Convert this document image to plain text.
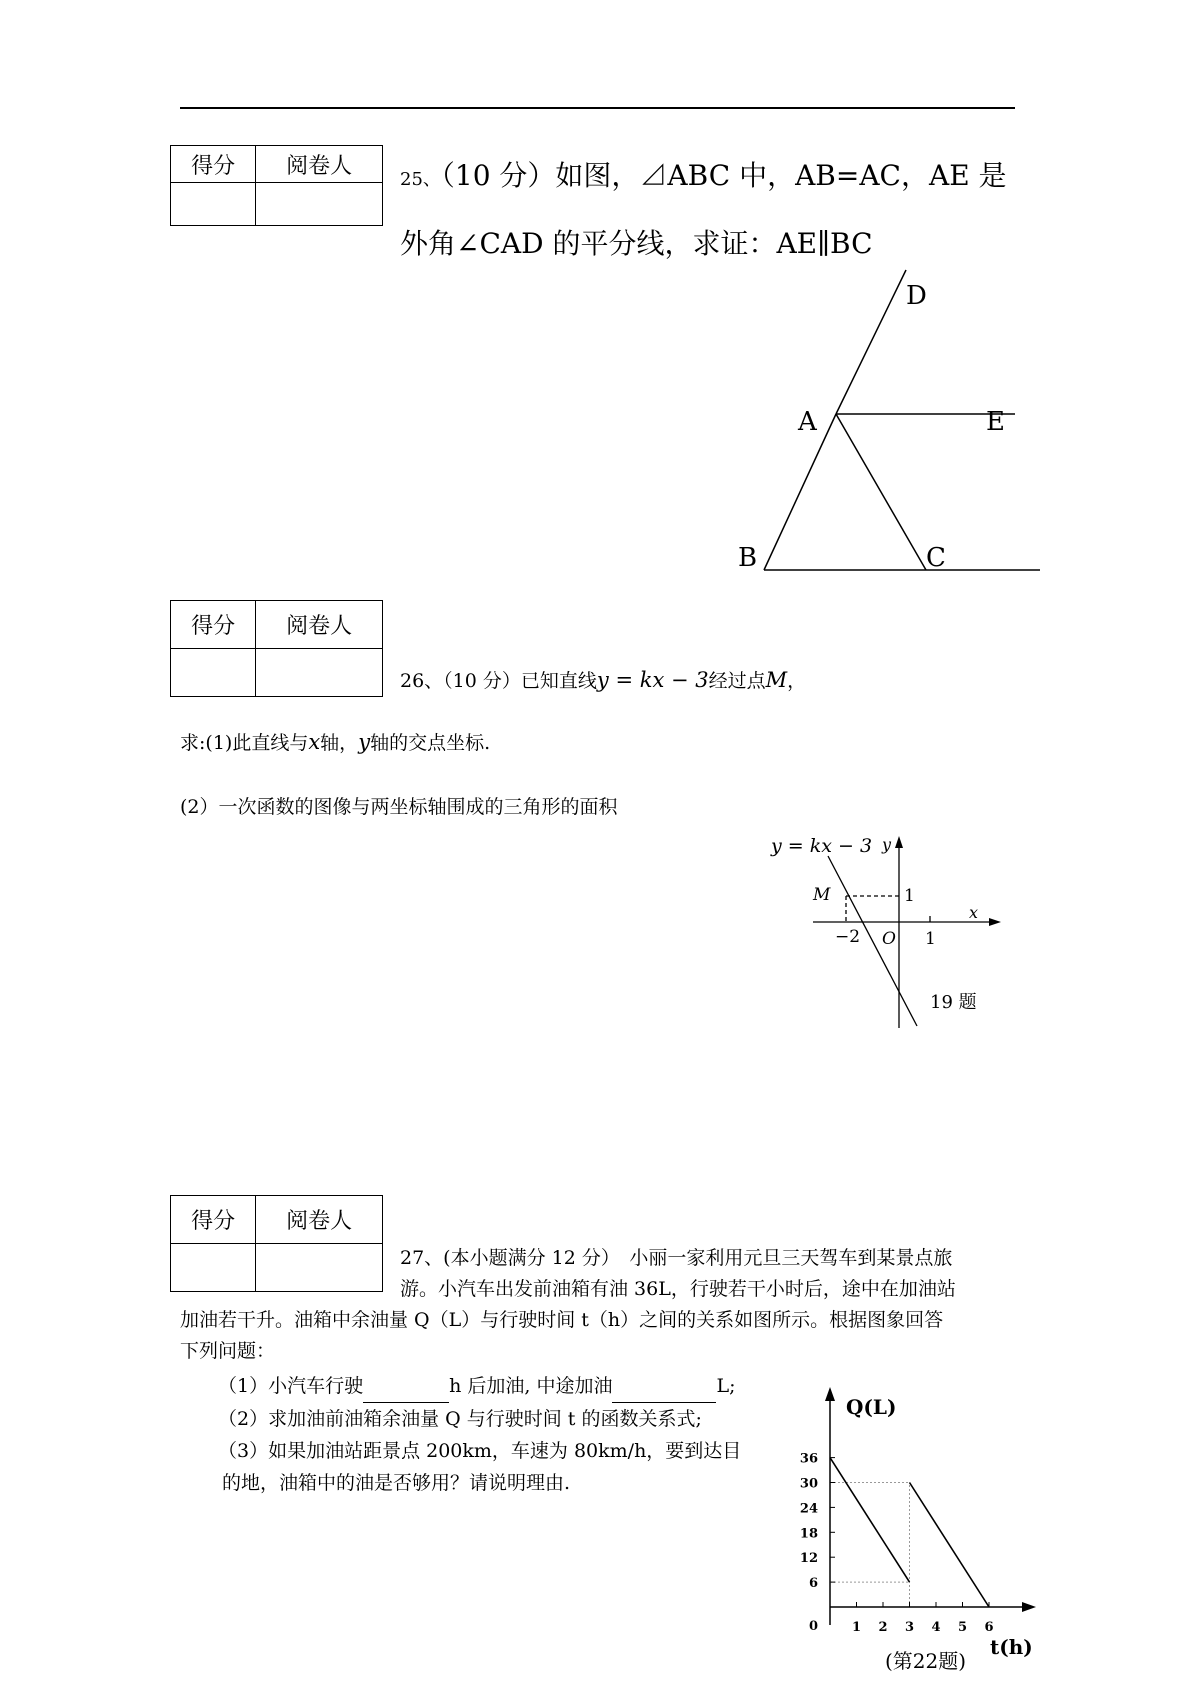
得分	阅卷人

25、（10 分）如图，⊿ABC 中，AB=AC，AE 是
外角∠CAD 的平分线，求证：AE∥BC
D
A	E
B	C
得分	阅卷人

26、（10 分）已知直线y = kx − 3经过点M，
求:(1)此直线与x轴，y轴的交点坐标.
(2）一次函数的图像与两坐标轴围成的三角形的面积
y = kx − 3 y
x
O
M
−2	1
1
19 题
得分	阅卷人

27、(本小题满分 12 分）　小丽一家利用元旦三天驾车到某景点旅
游。小汽车出发前油箱有油 36L，行驶若干小时后，途中在加油站
加油若干升。油箱中余油量 Q（L）与行驶时间 t（h）之间的关系如图所示。根据图象回答
下列问题：
（1）小汽车行驶	h 后加油, 中途加油	L;
（2）求加油前油箱余油量 Q 与行驶时间 t 的函数关系式;
（3）如果加油站距景点 200km，车速为 80km/h，要到达目
的地，油箱中的油是否够用？请说明理由.
Q(L)
t(h)
0
(第22题)
1 2 3 4 5 6
6
12
18
24
30
36
